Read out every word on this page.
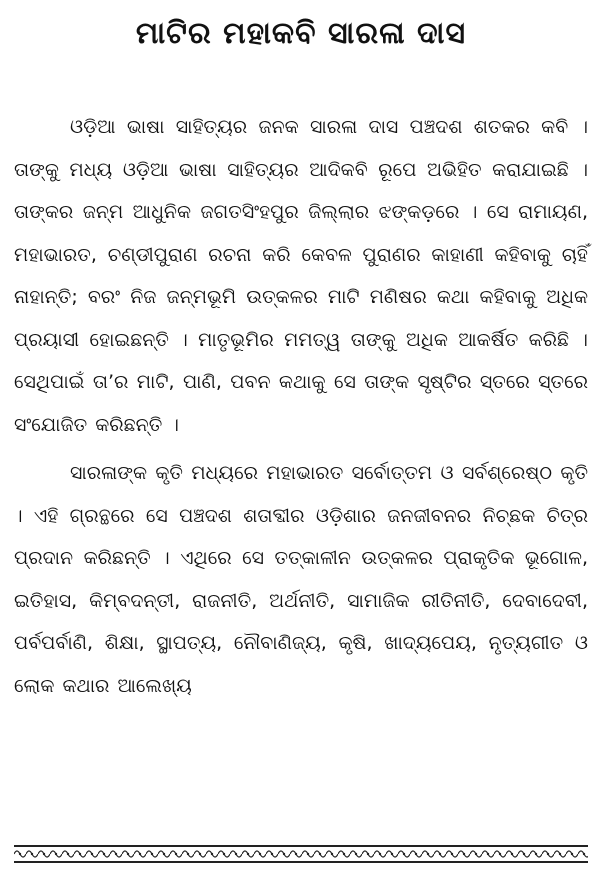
ମାଟିର ମହାକବି ସାରଳା ଦାସ

ଓଡ଼ିଆ ଭାଷା ସାହିତ୍ୟର ଜନକ ସାରଳା ଦାସ ପଞ୍ଚଦଶ ଶତକର କବି । ତାଙ୍କୁ ମଧ୍ୟ ଓଡ଼ିଆ ଭାଷା ସାହିତ୍ୟର ଆଦିକବି ରୂପେ ଅଭିହିତ କରାଯାଇଛି । ତାଙ୍କର ଜନ୍ମ ଆଧୁନିକ ଜଗତସିଂହପୁର ଜିଲ୍ଲାର ଝଙ୍କଡ଼ରେ । ସେ ରାମାୟଣ, ମହାଭାରତ, ଚଣ୍ଡୀପୁରାଣ ରଚନା କରି କେବଳ ପୁରାଣର କାହାଣୀ କହିବାକୁ ଚାହିଁ ନାହାନ୍ତି; ବରଂ ନିଜ ଜନ୍ମଭୂମି ଉତ୍କଳର ମାଟି ମଣିଷର କଥା କହିବାକୁ ଅଧିକ ପ୍ରୟାସୀ ହୋଇଛନ୍ତି । ମାତୃଭୂମିର ମମତ୍ୱ ତାଙ୍କୁ ଅଧିକ ଆକର୍ଷିତ କରିଛି । ସେଥିପାଇଁ ତା’ର ମାଟି, ପାଣି, ପବନ କଥାକୁ ସେ ତାଙ୍କ ସୃଷ୍ଟିର ସ୍ତରେ ସ୍ତରେ ସଂଯୋଜିତ କରିଛନ୍ତି ।

ସାରଳାଙ୍କ କୃତି ମଧ୍ୟରେ ମହାଭାରତ ସର୍ବୋତ୍ତମ ଓ ସର୍ବଶ୍ରେଷ୍ଠ କୃତି । ଏହି ଗ୍ରନ୍ଥରେ ସେ ପଞ୍ଚଦଶ ଶତାବ୍ଦୀର ଓଡ଼ିଶାର ଜନଜୀବନର ନିଚ୍ଛକ ଚିତ୍ର ପ୍ରଦାନ କରିଛନ୍ତି । ଏଥିରେ ସେ ତତ୍କାଳୀନ ଉତ୍କଳର ପ୍ରାକୃତିକ ଭୂଗୋଳ, ଇତିହାସ, କିମ୍ବଦନ୍ତୀ, ରାଜନୀତି, ଅର୍ଥନୀତି, ସାମାଜିକ ରୀତିନୀତି, ଦେବାଦେବୀ, ପର୍ବପର୍ବାଣି, ଶିକ୍ଷା, ସ୍ଥାପତ୍ୟ, ନୌବାଣିଜ୍ୟ, କୃଷି, ଖାଦ୍ୟପେୟ, ନୃତ୍ୟଗୀତ ଓ ଲୋକ କଥାର ଆଲେଖ୍ୟ
